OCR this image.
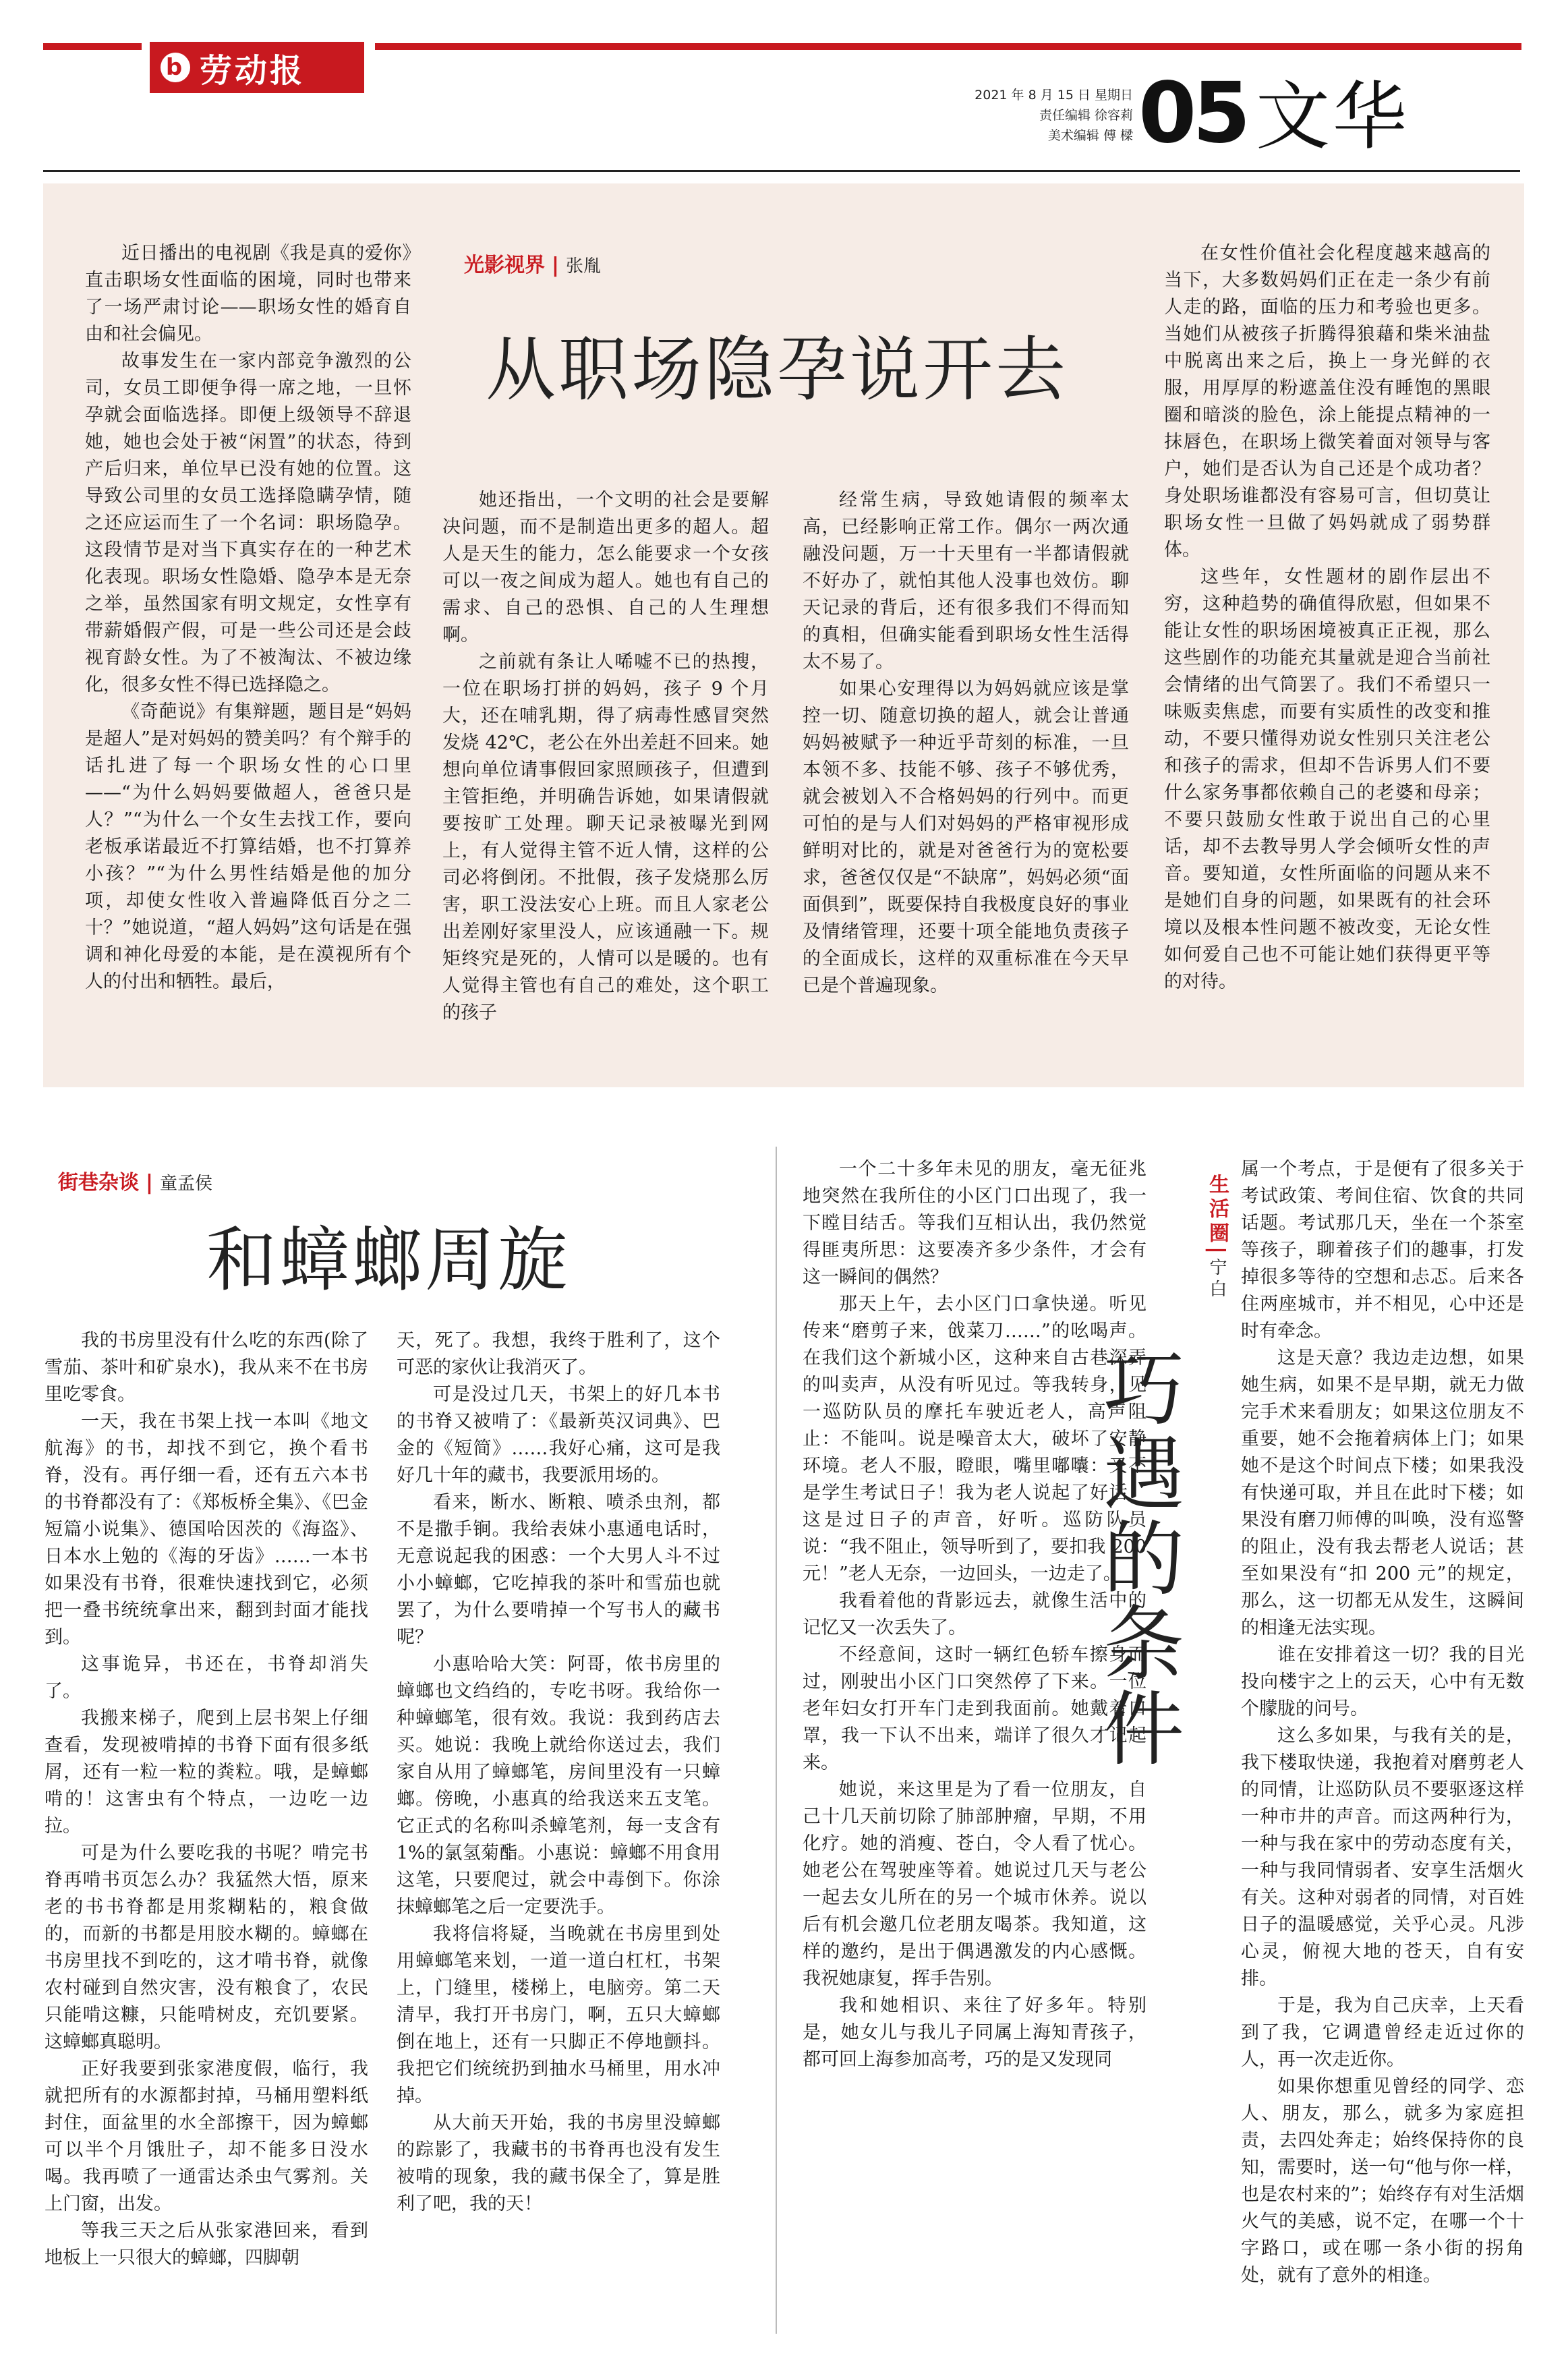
b 劳动报
2021 年 8 月 15 日 星期日
责任编辑 徐容莉
美术编辑 傅 樑 05 文华
光影视界 | 张胤
从职场隐孕说开去

近日播出的电视剧《我是真的爱你》直击职场女性面临的困境，同时也带来了一场严肃讨论——职场女性的婚育自由和社会偏见。

故事发生在一家内部竞争激烈的公司，女员工即便争得一席之地，一旦怀孕就会面临选择。即便上级领导不辞退她，她也会处于被“闲置”的状态，待到产后归来，单位早已没有她的位置。这导致公司里的女员工选择隐瞒孕情，随之还应运而生了一个名词：职场隐孕。这段情节是对当下真实存在的一种艺术化表现。职场女性隐婚、隐孕本是无奈之举，虽然国家有明文规定，女性享有带薪婚假产假，可是一些公司还是会歧视育龄女性。为了不被淘汰、不被边缘化，很多女性不得已选择隐之。

《奇葩说》有集辩题，题目是“妈妈是超人”是对妈妈的赞美吗？有个辩手的话扎进了每一个职场女性的心口里——“为什么妈妈要做超人，爸爸只是人？”“为什么一个女生去找工作，要向老板承诺最近不打算结婚，也不打算养小孩？”“为什么男性结婚是他的加分项，却使女性收入普遍降低百分之二十？”她说道，“超人妈妈”这句话是在强调和神化母爱的本能，是在漠视所有个人的付出和牺牲。最后，

她还指出，一个文明的社会是要解决问题，而不是制造出更多的超人。超人是天生的能力，怎么能要求一个女孩可以一夜之间成为超人。她也有自己的需求、自己的恐惧、自己的人生理想啊。

之前就有条让人唏嘘不已的热搜，一位在职场打拼的妈妈，孩子 9 个月大，还在哺乳期，得了病毒性感冒突然发烧 42℃，老公在外出差赶不回来。她想向单位请事假回家照顾孩子，但遭到主管拒绝，并明确告诉她，如果请假就要按旷工处理。聊天记录被曝光到网上，有人觉得主管不近人情，这样的公司必将倒闭。不批假，孩子发烧那么厉害，职工没法安心上班。而且人家老公出差刚好家里没人，应该通融一下。规矩终究是死的，人情可以是暖的。也有人觉得主管也有自己的难处，这个职工的孩子

经常生病，导致她请假的频率太高，已经影响正常工作。偶尔一两次通融没问题，万一十天里有一半都请假就不好办了，就怕其他人没事也效仿。聊天记录的背后，还有很多我们不得而知的真相，但确实能看到职场女性生活得太不易了。

如果心安理得以为妈妈就应该是掌控一切、随意切换的超人，就会让普通妈妈被赋予一种近乎苛刻的标准，一旦本领不多、技能不够、孩子不够优秀，就会被划入不合格妈妈的行列中。而更可怕的是与人们对妈妈的严格审视形成鲜明对比的，就是对爸爸行为的宽松要求，爸爸仅仅是“不缺席”，妈妈必须“面面俱到”，既要保持自我极度良好的事业及情绪管理，还要十项全能地负责孩子的全面成长，这样的双重标准在今天早已是个普遍现象。

在女性价值社会化程度越来越高的当下，大多数妈妈们正在走一条少有前人走的路，面临的压力和考验也更多。当她们从被孩子折腾得狼藉和柴米油盐中脱离出来之后，换上一身光鲜的衣服，用厚厚的粉遮盖住没有睡饱的黑眼圈和暗淡的脸色，涂上能提点精神的一抹唇色，在职场上微笑着面对领导与客户，她们是否认为自己还是个成功者？身处职场谁都没有容易可言，但切莫让职场女性一旦做了妈妈就成了弱势群体。

这些年，女性题材的剧作层出不穷，这种趋势的确值得欣慰，但如果不能让女性的职场困境被真正正视，那么这些剧作的功能充其量就是迎合当前社会情绪的出气筒罢了。我们不希望只一味贩卖焦虑，而要有实质性的改变和推动，不要只懂得劝说女性别只关注老公和孩子的需求，但却不告诉男人们不要什么家务事都依赖自己的老婆和母亲；不要只鼓励女性敢于说出自己的心里话，却不去教导男人学会倾听女性的声音。要知道，女性所面临的问题从来不是她们自身的问题，如果既有的社会环境以及根本性问题不被改变，无论女性如何爱自己也不可能让她们获得更平等的对待。

街巷杂谈 | 童孟侯
和蟑螂周旋

我的书房里没有什么吃的东西(除了雪茄、茶叶和矿泉水)，我从来不在书房里吃零食。

一天，我在书架上找一本叫《地文航海》的书，却找不到它，换个看书脊，没有。再仔细一看，还有五六本书的书脊都没有了：《郑板桥全集》、《巴金短篇小说集》、德国哈因茨的《海盗》、日本水上勉的《海的牙齿》……一本书如果没有书脊，很难快速找到它，必须把一叠书统统拿出来，翻到封面才能找到。

这事诡异，书还在，书脊却消失了。

我搬来梯子，爬到上层书架上仔细查看，发现被啃掉的书脊下面有很多纸屑，还有一粒一粒的粪粒。哦，是蟑螂啃的！这害虫有个特点，一边吃一边拉。

可是为什么要吃我的书呢？啃完书脊再啃书页怎么办？我猛然大悟，原来老的书书脊都是用浆糊粘的，粮食做的，而新的书都是用胶水糊的。蟑螂在书房里找不到吃的，这才啃书脊，就像农村碰到自然灾害，没有粮食了，农民只能啃这糠，只能啃树皮，充饥要紧。这蟑螂真聪明。

正好我要到张家港度假，临行，我就把所有的水源都封掉，马桶用塑料纸封住，面盆里的水全部擦干，因为蟑螂可以半个月饿肚子，却不能多日没水喝。我再喷了一通雷达杀虫气雾剂。关上门窗，出发。

等我三天之后从张家港回来，看到地板上一只很大的蟑螂，四脚朝

天，死了。我想，我终于胜利了，这个可恶的家伙让我消灭了。

可是没过几天，书架上的好几本书的书脊又被啃了：《最新英汉词典》、巴金的《短简》……我好心痛，这可是我好几十年的藏书，我要派用场的。

看来，断水、断粮、喷杀虫剂，都不是撒手锏。我给表妹小惠通电话时，无意说起我的困惑：一个大男人斗不过小小蟑螂，它吃掉我的茶叶和雪茄也就罢了，为什么要啃掉一个写书人的藏书呢？

小惠哈哈大笑：阿哥，侬书房里的蟑螂也文绉绉的，专吃书呀。我给你一种蟑螂笔，很有效。我说：我到药店去买。她说：我晚上就给你送过去，我们家自从用了蟑螂笔，房间里没有一只蟑螂。傍晚，小惠真的给我送来五支笔。它正式的名称叫杀蟑笔剂，每一支含有 1%的氯氢菊酯。小惠说：蟑螂不用食用这笔，只要爬过，就会中毒倒下。你涂抹蟑螂笔之后一定要洗手。

我将信将疑，当晚就在书房里到处用蟑螂笔来划，一道一道白杠杠，书架上，门缝里，楼梯上，电脑旁。第二天清早，我打开书房门，啊，五只大蟑螂倒在地上，还有一只脚正不停地颤抖。我把它们统统扔到抽水马桶里，用水冲掉。

从大前天开始，我的书房里没蟑螂的踪影了，我藏书的书脊再也没有发生被啃的现象，我的藏书保全了，算是胜利了吧，我的天！

一个二十多年未见的朋友，毫无征兆地突然在我所住的小区门口出现了，我一下瞠目结舌。等我们互相认出，我仍然觉得匪夷所思：这要凑齐多少条件，才会有这一瞬间的偶然？

那天上午，去小区门口拿快递。听见传来“磨剪子来，戗菜刀……”的吆喝声。在我们这个新城小区，这种来自古巷深弄的叫卖声，从没有听见过。等我转身，见一巡防队员的摩托车驶近老人，高声阻止：不能叫。说是噪音太大，破坏了安静环境。老人不服，瞪眼，嘴里嘟囔：又不是学生考试日子！我为老人说起了好话：这是过日子的声音，好听。巡防队员说：“我不阻止，领导听到了，要扣我 200 元！”老人无奈，一边回头，一边走了。

我看着他的背影远去，就像生活中的记忆又一次丢失了。

不经意间，这时一辆红色轿车擦身而过，刚驶出小区门口突然停了下来。一位老年妇女打开车门走到我面前。她戴着口罩，我一下认不出来，端详了很久才记起来。

她说，来这里是为了看一位朋友，自己十几天前切除了肺部肿瘤，早期，不用化疗。她的消瘦、苍白，令人看了忧心。她老公在驾驶座等着。她说过几天与老公一起去女儿所在的另一个城市休养。说以后有机会邀几位老朋友喝茶。我知道，这样的邀约，是出于偶遇激发的内心感慨。我祝她康复，挥手告别。

我和她相识、来往了好多年。特别是，她女儿与我儿子同属上海知青孩子，都可回上海参加高考，巧的是又发现同

巧遇的条件
生活圈|宁白

属一个考点，于是便有了很多关于考试政策、考间住宿、饮食的共同话题。考试那几天，坐在一个茶室等孩子，聊着孩子们的趣事，打发掉很多等待的空想和忐忑。后来各住两座城市，并不相见，心中还是时有牵念。

这是天意？我边走边想，如果她生病，如果不是早期，就无力做完手术来看朋友；如果这位朋友不重要，她不会拖着病体上门；如果她不是这个时间点下楼；如果我没有快递可取，并且在此时下楼；如果没有磨刀师傅的叫唤，没有巡警的阻止，没有我去帮老人说话；甚至如果没有“扣 200 元”的规定，那么，这一切都无从发生，这瞬间的相逢无法实现。

谁在安排着这一切？我的目光投向楼宇之上的云天，心中有无数个朦胧的问号。

这么多如果，与我有关的是，我下楼取快递，我抱着对磨剪老人的同情，让巡防队员不要驱逐这样一种市井的声音。而这两种行为，一种与我在家中的劳动态度有关，一种与我同情弱者、安享生活烟火有关。这种对弱者的同情，对百姓日子的温暖感觉，关乎心灵。凡涉心灵，俯视大地的苍天，自有安排。

于是，我为自己庆幸，上天看到了我，它调遣曾经走近过你的人，再一次走近你。

如果你想重见曾经的同学、恋人、朋友，那么，就多为家庭担责，去四处奔走；始终保持你的良知，需要时，送一句“他与你一样，也是农村来的”；始终存有对生活烟火气的美感，说不定，在哪一个十字路口，或在哪一条小街的拐角处，就有了意外的相逢。
